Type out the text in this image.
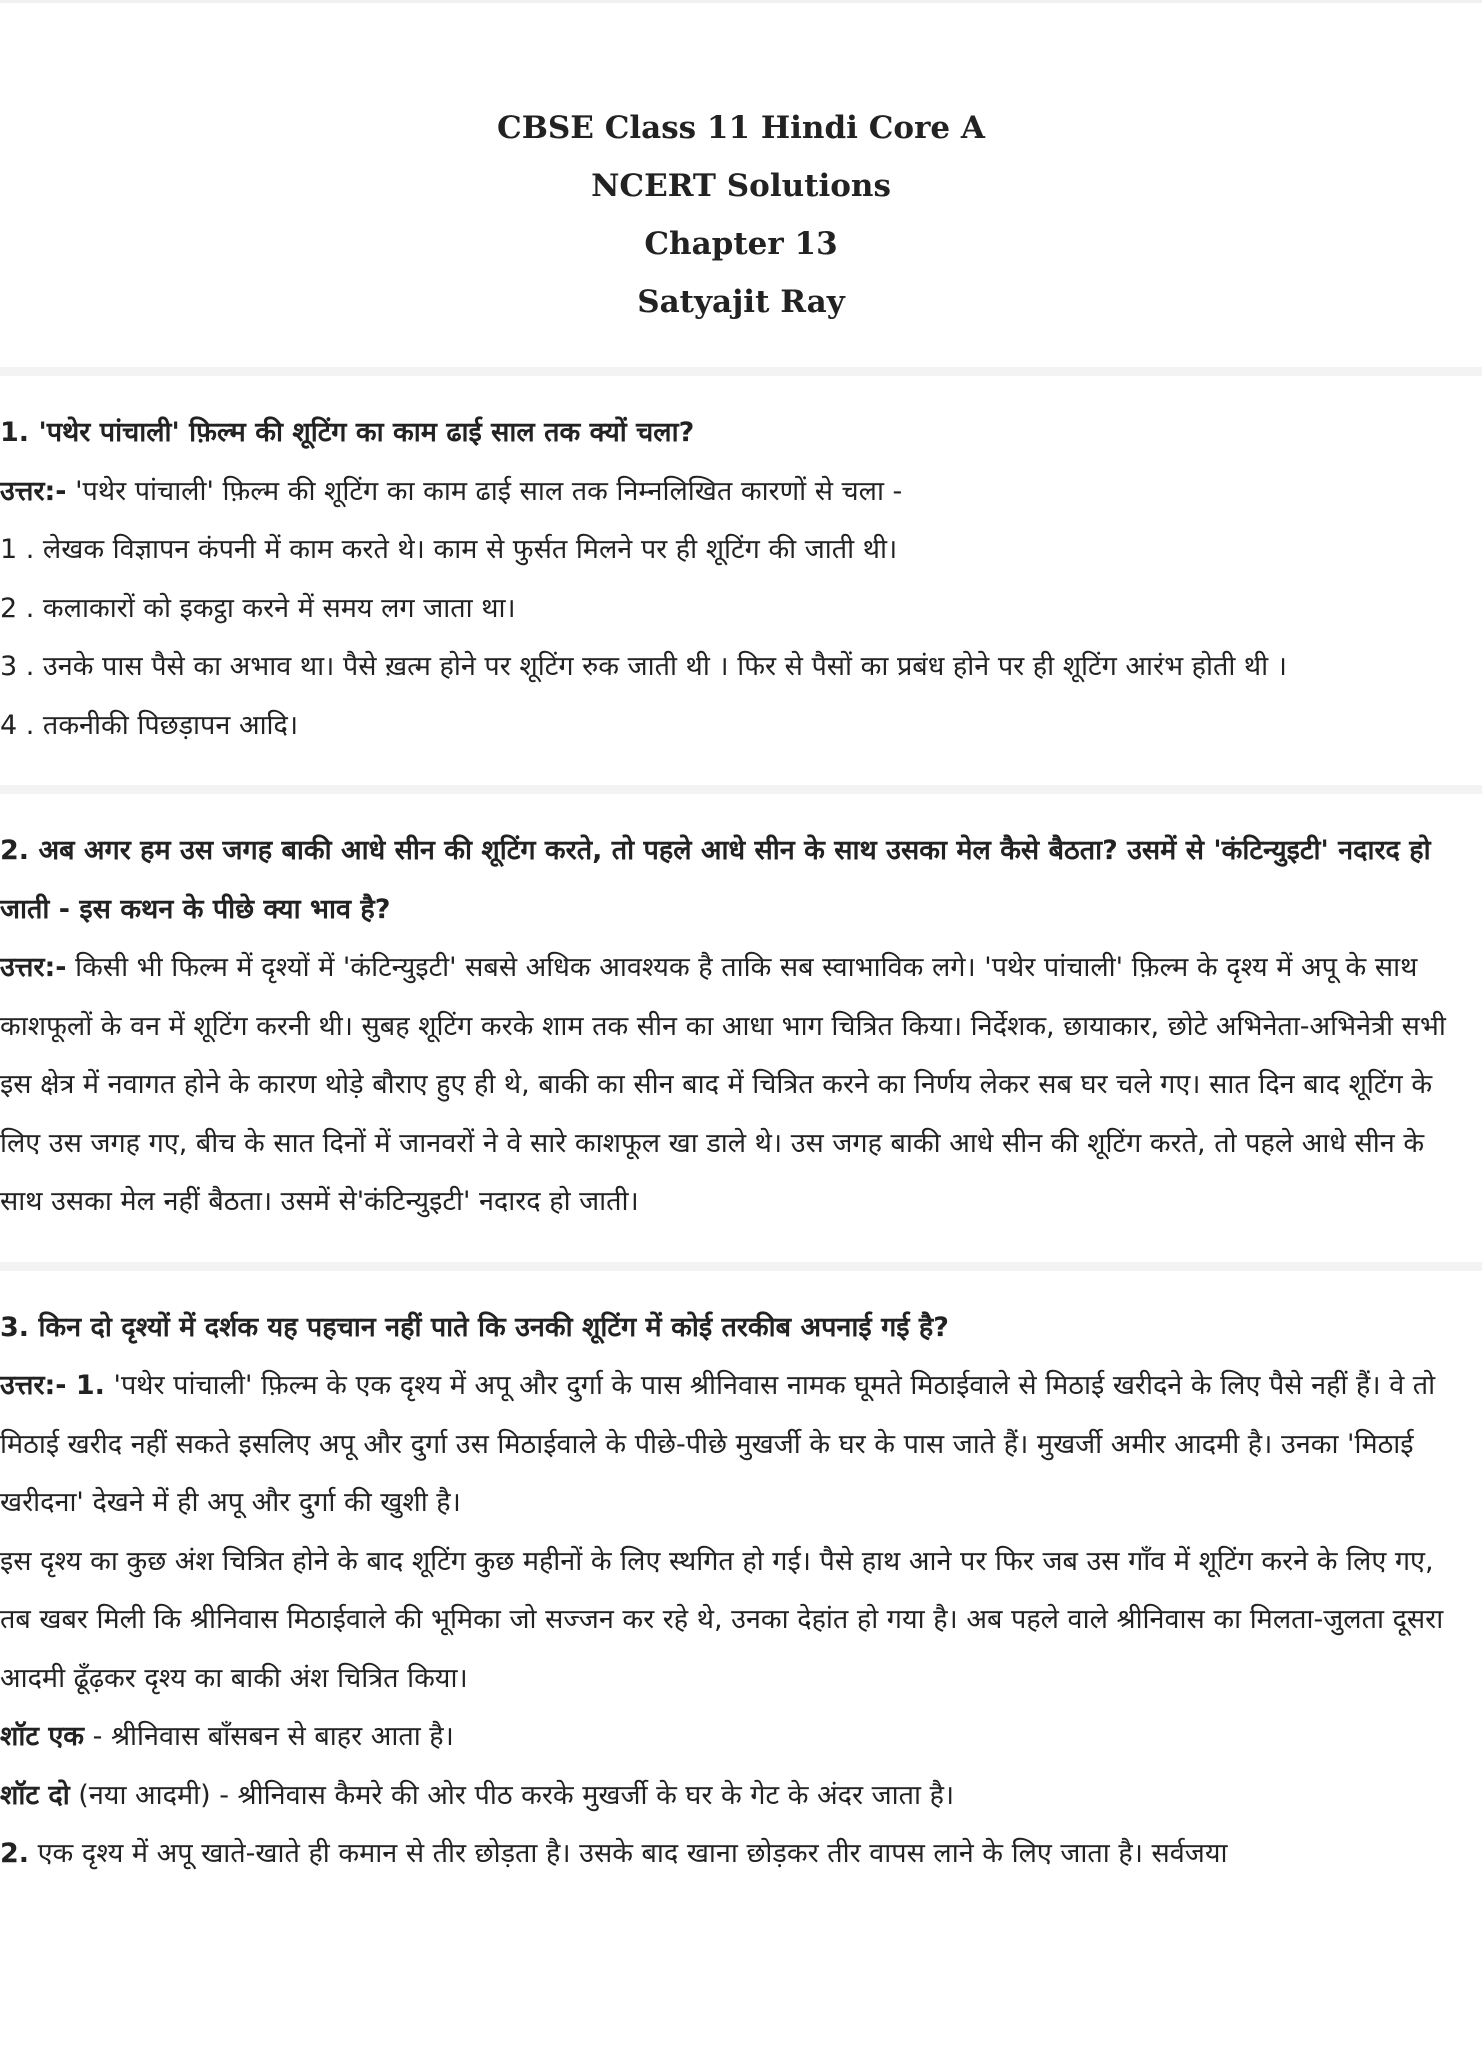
CBSE Class 11 Hindi Core A
NCERT Solutions
Chapter 13
Satyajit Ray

1. 'पथेर पांचाली' फ़िल्म की शूटिंग का काम ढाई साल तक क्यों चला?

उत्तर:- 'पथेर पांचाली' फ़िल्म की शूटिंग का काम ढाई साल तक निम्नलिखित कारणों से चला -

1 . लेखक विज्ञापन कंपनी में काम करते थे। काम से फुर्सत मिलने पर ही शूटिंग की जाती थी।

2 . कलाकारों को इकट्ठा करने में समय लग जाता था।

3 . उनके पास पैसे का अभाव था। पैसे ख़त्म होने पर शूटिंग रुक जाती थी । फिर से पैसों का प्रबंध होने पर ही शूटिंग आरंभ होती थी ।

4 . तकनीकी पिछड़ापन आदि।

2. अब अगर हम उस जगह बाकी आधे सीन की शूटिंग करते, तो पहले आधे सीन के साथ उसका मेल कैसे बैठता? उसमें से 'कंटिन्युइटी' नदारद हो जाती - इस कथन के पीछे क्या भाव है?

उत्तर:- किसी भी फिल्म में दृश्यों में 'कंटिन्युइटी' सबसे अधिक आवश्यक है ताकि सब स्वाभाविक लगे। 'पथेर पांचाली' फ़िल्म के दृश्य में अपू के साथ काशफूलों के वन में शूटिंग करनी थी। सुबह शूटिंग करके शाम तक सीन का आधा भाग चित्रित किया। निर्देशक, छायाकार, छोटे अभिनेता-अभिनेत्री सभी इस क्षेत्र में नवागत होने के कारण थोड़े बौराए हुए ही थे, बाकी का सीन बाद में चित्रित करने का निर्णय लेकर सब घर चले गए। सात दिन बाद शूटिंग के लिए उस जगह गए, बीच के सात दिनों में जानवरों ने वे सारे काशफूल खा डाले थे। उस जगह बाकी आधे सीन की शूटिंग करते, तो पहले आधे सीन के साथ उसका मेल नहीं बैठता। उसमें से'कंटिन्युइटी' नदारद हो जाती।

3. किन दो दृश्यों में दर्शक यह पहचान नहीं पाते कि उनकी शूटिंग में कोई तरकीब अपनाई गई है?

उत्तर:- 1. 'पथेर पांचाली' फ़िल्म के एक दृश्य में अपू और दुर्गा के पास श्रीनिवास नामक घूमते मिठाईवाले से मिठाई खरीदने के लिए पैसे नहीं हैं। वे तो मिठाई खरीद नहीं सकते इसलिए अपू और दुर्गा उस मिठाईवाले के पीछे-पीछे मुखर्जी के घर के पास जाते हैं। मुखर्जी अमीर आदमी है। उनका 'मिठाई खरीदना' देखने में ही अपू और दुर्गा की खुशी है।

इस दृश्य का कुछ अंश चित्रित होने के बाद शूटिंग कुछ महीनों के लिए स्थगित हो गई। पैसे हाथ आने पर फिर जब उस गाँव में शूटिंग करने के लिए गए, तब खबर मिली कि श्रीनिवास मिठाईवाले की भूमिका जो सज्जन कर रहे थे, उनका देहांत हो गया है। अब पहले वाले श्रीनिवास का मिलता-जुलता दूसरा आदमी ढूँढ़कर दृश्य का बाकी अंश चित्रित किया।

शॉट एक - श्रीनिवास बाँसबन से बाहर आता है।

शॉट दो (नया आदमी) - श्रीनिवास कैमरे की ओर पीठ करके मुखर्जी के घर के गेट के अंदर जाता है।

2. एक दृश्य में अपू खाते-खाते ही कमान से तीर छोड़ता है। उसके बाद खाना छोड़कर तीर वापस लाने के लिए जाता है। सर्वजया
